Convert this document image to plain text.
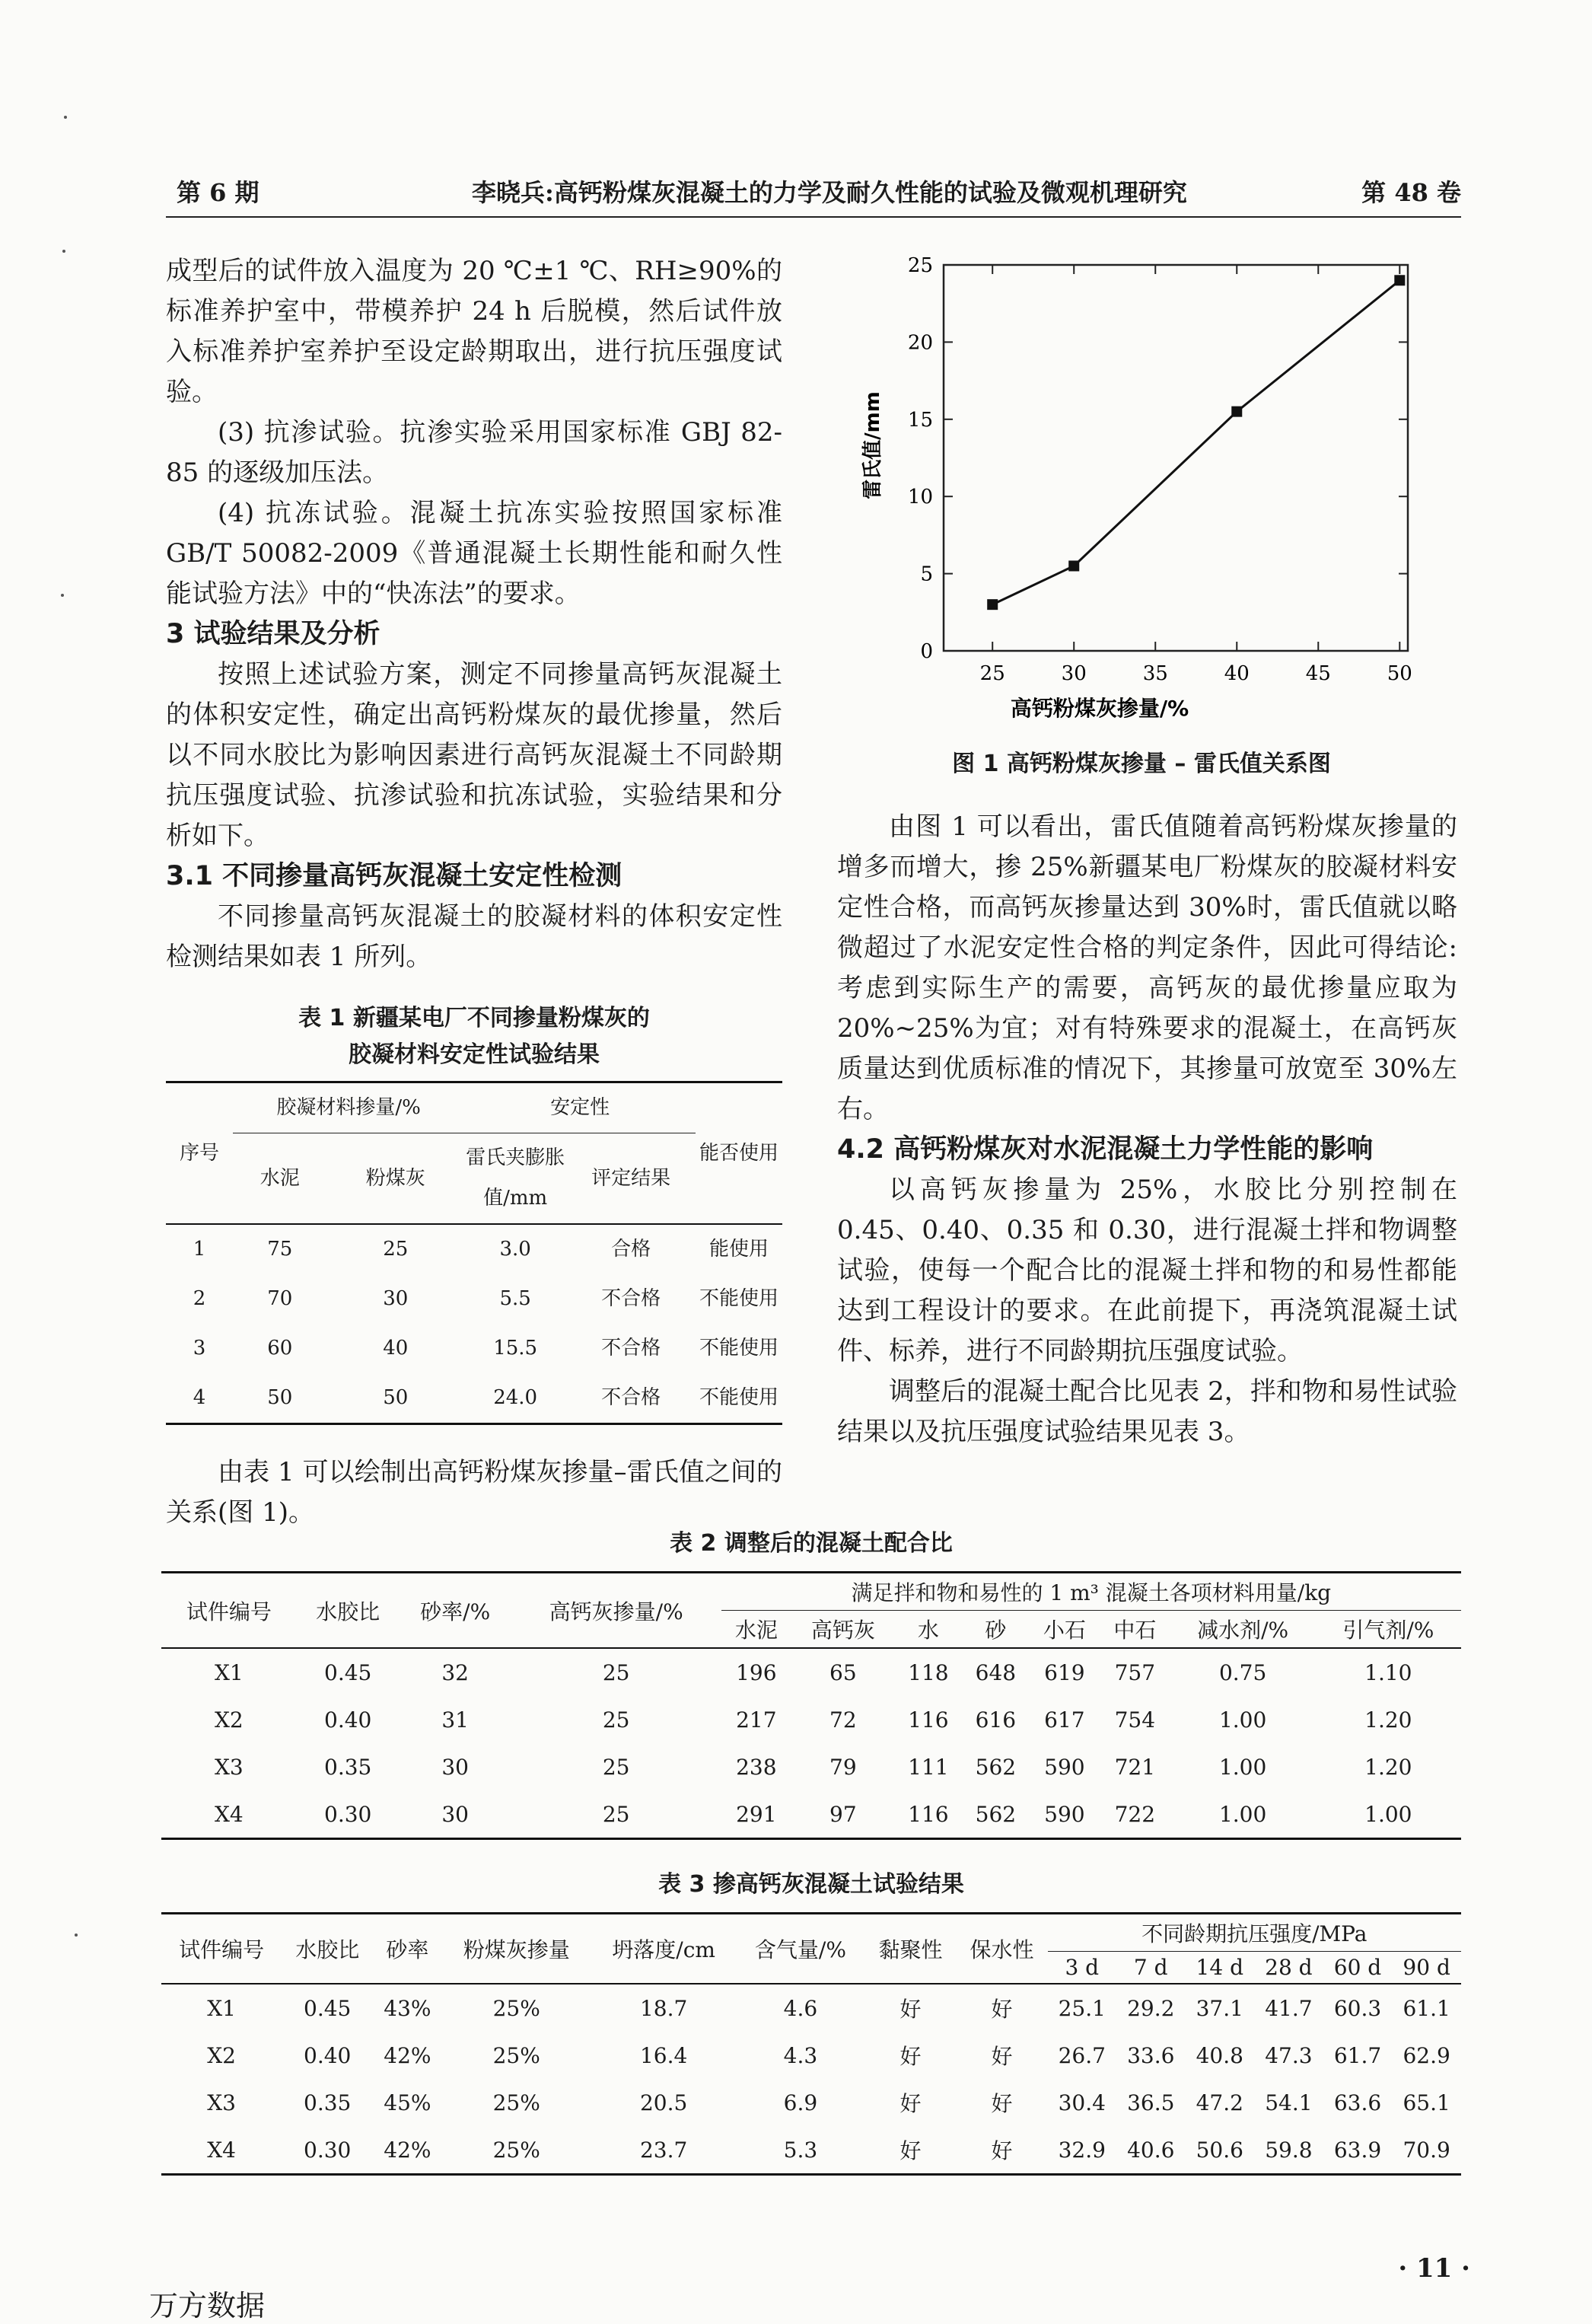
第 6 期	李晓兵:高钙粉煤灰混凝土的力学及耐久性能的试验及微观机理研究	第 48 卷

成型后的试件放入温度为 20 ℃±1 ℃、RH≥90%的标准养护室中，带模养护 24 h 后脱模，然后试件放入标准养护室养护至设定龄期取出，进行抗压强度试验。

(3) 抗渗试验。抗渗实验采用国家标准 GBJ 82-85 的逐级加压法。

(4) 抗冻试验。混凝土抗冻实验按照国家标准 GB/T 50082-2009《普通混凝土长期性能和耐久性能试验方法》中的“快冻法”的要求。

3 试验结果及分析

按照上述试验方案，测定不同掺量高钙灰混凝土的体积安定性，确定出高钙粉煤灰的最优掺量，然后以不同水胶比为影响因素进行高钙灰混凝土不同龄期抗压强度试验、抗渗试验和抗冻试验，实验结果和分析如下。

3.1 不同掺量高钙灰混凝土安定性检测

不同掺量高钙灰混凝土的胶凝材料的体积安定性检测结果如表 1 所列。

表 1 新疆某电厂不同掺量粉煤灰的
胶凝材料安定性试验结果
序号	胶凝材料掺量/%		安定性		能否使用
	水泥	粉煤灰	雷氏夹膨胀值/mm	评定结果	
1	75	25	3.0	合格	能使用
2	70	30	5.5	不合格	不能使用
3	60	40	15.5	不合格	不能使用
4	50	50	24.0	不合格	不能使用

由表 1 可以绘制出高钙粉煤灰掺量–雷氏值之间的关系(图 1)。

25	30	35	40	45	50
0
5
10
15
20
25
高钙粉煤灰掺量/%
雷氏值/mm
图 1 高钙粉煤灰掺量 – 雷氏值关系图

由图 1 可以看出，雷氏值随着高钙粉煤灰掺量的增多而增大，掺 25%新疆某电厂粉煤灰的胶凝材料安定性合格，而高钙灰掺量达到 30%时，雷氏值就以略微超过了水泥安定性合格的判定条件，因此可得结论:考虑到实际生产的需要，高钙灰的最优掺量应取为 20%~25%为宜；对有特殊要求的混凝土，在高钙灰质量达到优质标准的情况下，其掺量可放宽至 30%左右。

4.2 高钙粉煤灰对水泥混凝土力学性能的影响

以高钙灰掺量为 25%，水胶比分别控制在 0.45、0.40、0.35 和 0.30，进行混凝土拌和物调整试验，使每一个配合比的混凝土拌和物的和易性都能达到工程设计的要求。在此前提下，再浇筑混凝土试件、标养，进行不同龄期抗压强度试验。

调整后的混凝土配合比见表 2，拌和物和易性试验结果以及抗压强度试验结果见表 3。

表 2 调整后的混凝土配合比
试件编号	水胶比	砂率/%	高钙灰掺量/%	满足拌和物和易性的 1 m³ 混凝土各项材料用量/kg							
				水泥	高钙灰	水	砂	小石	中石	减水剂/%	引气剂/%
X1	0.45	32	25	196	65	118	648	619	757	0.75	1.10
X2	0.40	31	25	217	72	116	616	617	754	1.00	1.20
X3	0.35	30	25	238	79	111	562	590	721	1.00	1.20
X4	0.30	30	25	291	97	116	562	590	722	1.00	1.00
表 3 掺高钙灰混凝土试验结果
试件编号	水胶比	砂率	粉煤灰掺量	坍落度/cm	含气量/%	黏聚性	保水性	不同龄期抗压强度/MPa					
								3 d	7 d	14 d	28 d	60 d	90 d
X1	0.45	43%	25%	18.7	4.6	好	好	25.1	29.2	37.1	41.7	60.3	61.1
X2	0.40	42%	25%	16.4	4.3	好	好	26.7	33.6	40.8	47.3	61.7	62.9
X3	0.35	45%	25%	20.5	6.9	好	好	30.4	36.5	47.2	54.1	63.6	65.1
X4	0.30	42%	25%	23.7	5.3	好	好	32.9	40.6	50.6	59.8	63.9	70.9
· 11 ·
万方数据
